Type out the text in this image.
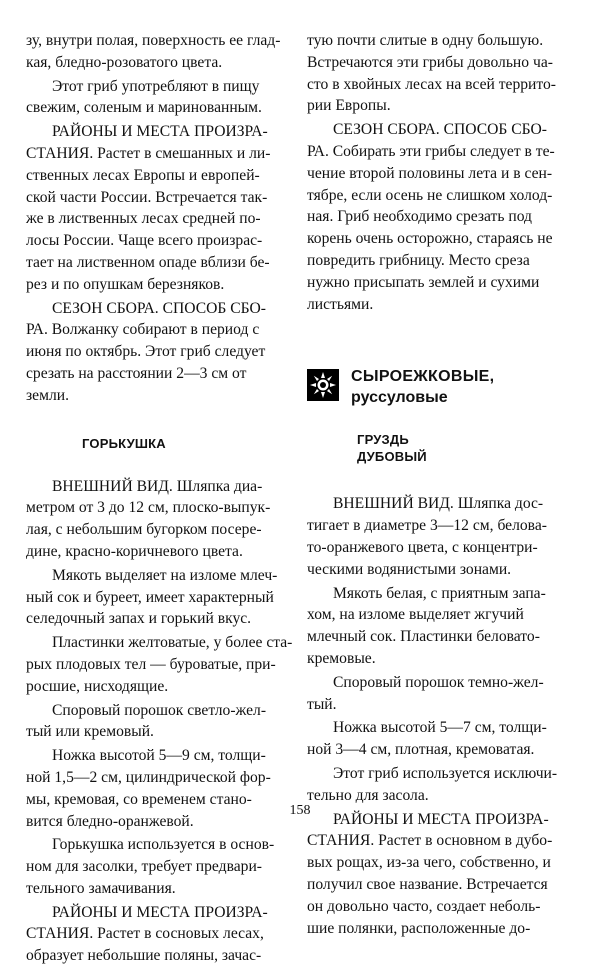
зу, внутри полая, поверхность ее глад-
кая, бледно-розоватого цвета.

Этот гриб употребляют в пищу
свежим, соленым и маринованным.

РАЙОНЫ И МЕСТА ПРОИЗРА-
СТАНИЯ. Растет в смешанных и ли-
ственных лесах Европы и европей-
ской части России. Встречается так-
же в лиственных лесах средней по-
лосы России. Чаще всего произрас-
тает на лиственном опаде вблизи бе-
рез и по опушкам березняков.

СЕЗОН СБОРА. СПОСОБ СБО-
РА. Волжанку собирают в период с
июня по октябрь. Этот гриб следует
срезать на расстоянии 2—3 см от
земли.

ГОРЬКУШКА

ВНЕШНИЙ ВИД. Шляпка диа-
метром от 3 до 12 см, плоско-выпук-
лая, с небольшим бугорком посере-
дине, красно-коричневого цвета.

Мякоть выделяет на изломе млеч-
ный сок и буреет, имеет характерный
селедочный запах и горький вкус.

Пластинки желтоватые, у более ста-
рых плодовых тел — буроватые, при-
росшие, нисходящие.

Споровый порошок светло-жел-
тый или кремовый.

Ножка высотой 5—9 см, толщи-
ной 1,5—2 см, цилиндрической фор-
мы, кремовая, со временем стано-
вится бледно-оранжевой.

Горькушка используется в основ-
ном для засолки, требует предвари-
тельного замачивания.

РАЙОНЫ И МЕСТА ПРОИЗРА-
СТАНИЯ. Растет в сосновых лесах,
образует небольшие поляны, зачас-

тую почти слитые в одну большую.
Встречаются эти грибы довольно ча-
сто в хвойных лесах на всей террито-
рии Европы.

СЕЗОН СБОРА. СПОСОБ СБО-
РА. Собирать эти грибы следует в те-
чение второй половины лета и в сен-
тябре, если осень не слишком холод-
ная. Гриб необходимо срезать под
корень очень осторожно, стараясь не
повредить грибницу. Место среза
нужно присыпать землей и сухими
листьями.

СЫРОЕЖКОВЫЕ,
руссуловые
ГРУЗДЬ
ДУБОВЫЙ

ВНЕШНИЙ ВИД. Шляпка дос-
тигает в диаметре 3—12 см, белова-
то-оранжевого цвета, с концентри-
ческими водянистыми зонами.

Мякоть белая, с приятным запа-
хом, на изломе выделяет жгучий
млечный сок. Пластинки беловато-
кремовые.

Споровый порошок темно-жел-
тый.

Ножка высотой 5—7 см, толщи-
ной 3—4 см, плотная, кремоватая.

Этот гриб используется исключи-
тельно для засола.

РАЙОНЫ И МЕСТА ПРОИЗРА-
СТАНИЯ. Растет в основном в дубо-
вых рощах, из-за чего, собственно, и
получил свое название. Встречается
он довольно часто, создает неболь-
шие полянки, расположенные до-

158
